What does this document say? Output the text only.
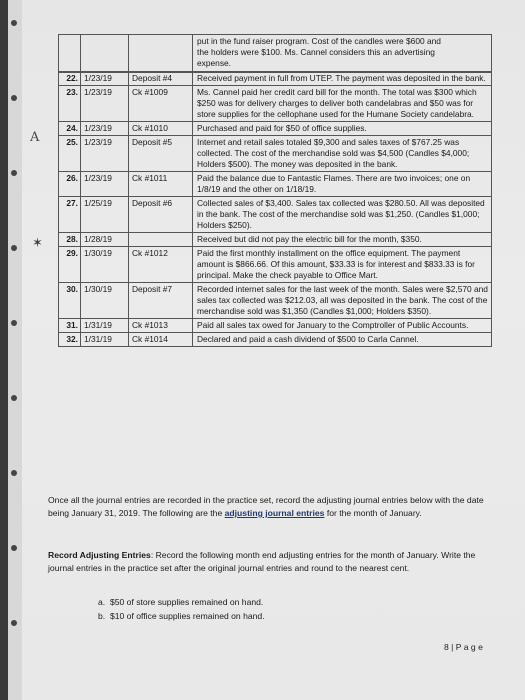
A
✶

put in the fund raiser program. Cost of the candles were $600 and
the holders were $100. Ms. Cannel considers this an advertising
expense.
22.	1/23/19	Deposit #4	Received payment in full from UTEP. The payment was deposited in the bank.
23.	1/23/19	Ck #1009	Ms. Cannel paid her credit card bill for the month. The total was $300 which $250 was for delivery charges to deliver both candelabras and $50 was for store supplies for the cellophane used for the Humane Society candelabra.
24.	1/23/19	Ck #1010	Purchased and paid for $50 of office supplies.
25.	1/23/19	Deposit #5	Internet and retail sales totaled $9,300 and sales taxes of $767.25 was collected. The cost of the merchandise sold was $4,500 (Candles $4,000; Holders $500). The money was deposited in the bank.
26.	1/23/19	Ck #1011	Paid the balance due to Fantastic Flames. There are two invoices; one on 1/8/19 and the other on 1/18/19.
27.	1/25/19	Deposit #6	Collected sales of $3,400. Sales tax collected was $280.50. All was deposited in the bank. The cost of the merchandise sold was $1,250. (Candles $1,000; Holders $250).
28.	1/28/19		Received but did not pay the electric bill for the month, $350.
29.	1/30/19	Ck #1012	Paid the first monthly installment on the office equipment. The payment amount is $866.66. Of this amount, $33.33 is for interest and $833.33 is for principal. Make the check payable to Office Mart.
30.	1/30/19	Deposit #7	Recorded internet sales for the last week of the month. Sales were $2,570 and sales tax collected was $212.03, all was deposited in the bank. The cost of the merchandise sold was $1,350 (Candles $1,000; Holders $350).
31.	1/31/19	Ck #1013	Paid all sales tax owed for January to the Comptroller of Public Accounts.
32.	1/31/19	Ck #1014	Declared and paid a cash dividend of $500 to Carla Cannel.
Once all the journal entries are recorded in the practice set, record the adjusting journal entries below with the date being January 31, 2019. The following are the adjusting journal entries for the month of January.
Record Adjusting Entries: Record the following month end adjusting entries for the month of January. Write the journal entries in the practice set after the original journal entries and round to the nearest cent.
a. $50 of store supplies remained on hand.
b. $10 of office supplies remained on hand.
8 | P a g e
